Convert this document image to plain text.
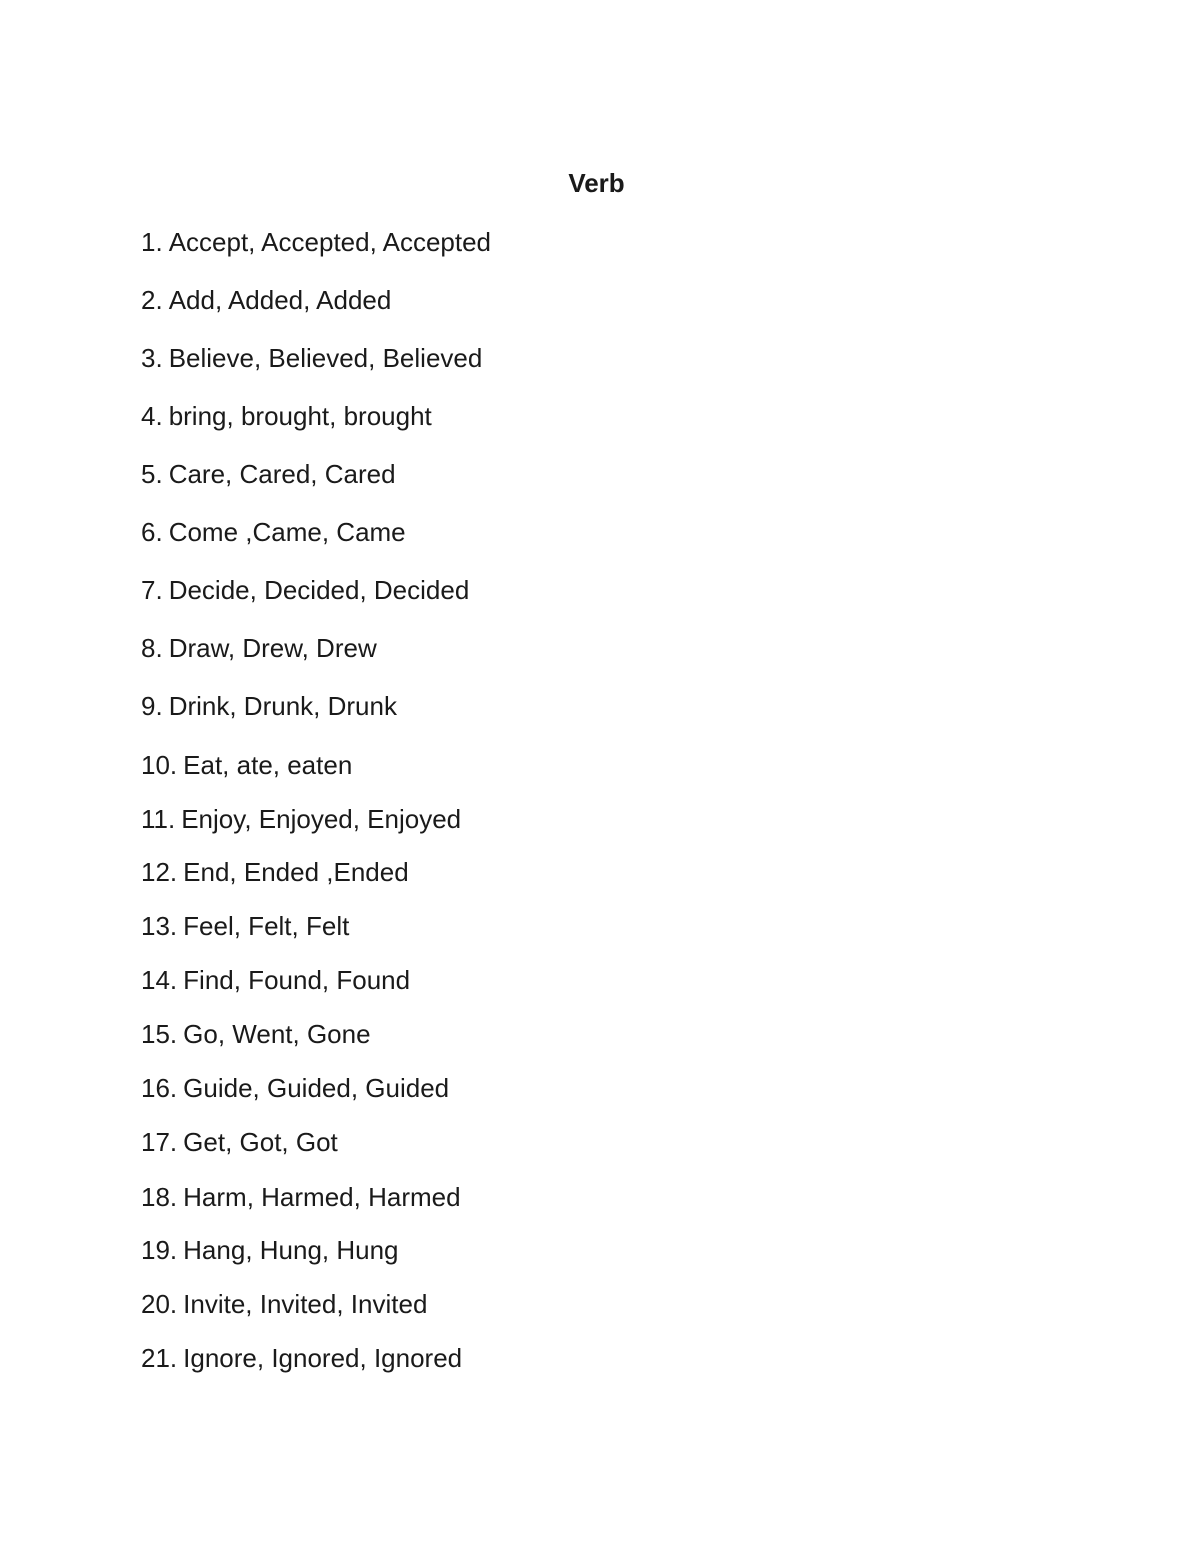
Verb
1. Accept, Accepted, Accepted
2. Add, Added, Added
3. Believe, Believed, Believed
4. bring, brought, brought
5. Care, Cared, Cared
6. Come ,Came, Came
7. Decide, Decided, Decided
8. Draw, Drew, Drew
9. Drink, Drunk, Drunk
10. Eat, ate, eaten
11. Enjoy, Enjoyed, Enjoyed
12. End, Ended ,Ended
13. Feel, Felt, Felt
14. Find, Found, Found
15. Go, Went, Gone
16. Guide, Guided, Guided
17. Get, Got, Got
18. Harm, Harmed, Harmed
19. Hang, Hung, Hung
20. Invite, Invited, Invited
21. Ignore, Ignored, Ignored
